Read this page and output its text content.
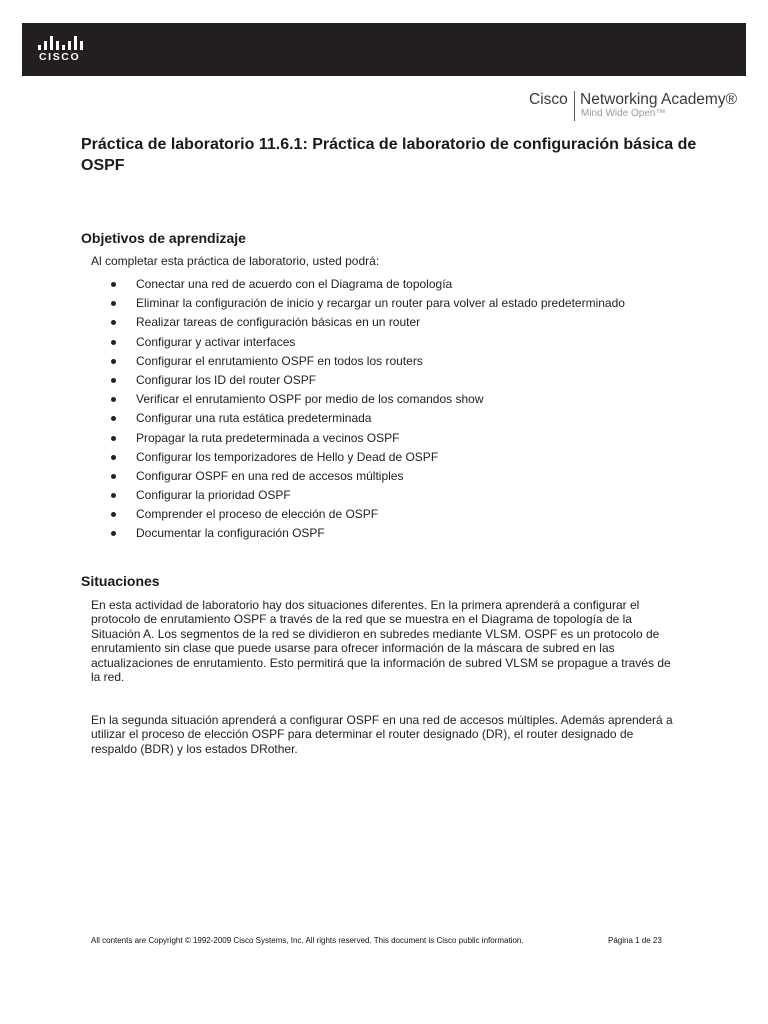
CISCO
Cisco Networking Academy®
Mind Wide Open™
Práctica de laboratorio 11.6.1: Práctica de laboratorio de configuración básica de OSPF
Objetivos de aprendizaje

Al completar esta práctica de laboratorio, usted podrá:

Conectar una red de acuerdo con el Diagrama de topología
Eliminar la configuración de inicio y recargar un router para volver al estado predeterminado
Realizar tareas de configuración básicas en un router
Configurar y activar interfaces
Configurar el enrutamiento OSPF en todos los routers
Configurar los ID del router OSPF
Verificar el enrutamiento OSPF por medio de los comandos show
Configurar una ruta estática predeterminada
Propagar la ruta predeterminada a vecinos OSPF
Configurar los temporizadores de Hello y Dead de OSPF
Configurar OSPF en una red de accesos múltiples
Configurar la prioridad OSPF
Comprender el proceso de elección de OSPF
Documentar la configuración OSPF
Situaciones

En esta actividad de laboratorio hay dos situaciones diferentes. En la primera aprenderá a configurar el protocolo de enrutamiento OSPF a través de la red que se muestra en el Diagrama de topología de la Situación A. Los segmentos de la red se dividieron en subredes mediante VLSM. OSPF es un protocolo de enrutamiento sin clase que puede usarse para ofrecer información de la máscara de subred en las actualizaciones de enrutamiento. Esto permitirá que la información de subred VLSM se propague a través de la red.

En la segunda situación aprenderá a configurar OSPF en una red de accesos múltiples. Además aprenderá a utilizar el proceso de elección OSPF para determinar el router designado (DR), el router designado de respaldo (BDR) y los estados DRother.

All contents are Copyright © 1992-2009 Cisco Systems, Inc. All rights reserved. This document is Cisco public information.	Página 1 de 23
